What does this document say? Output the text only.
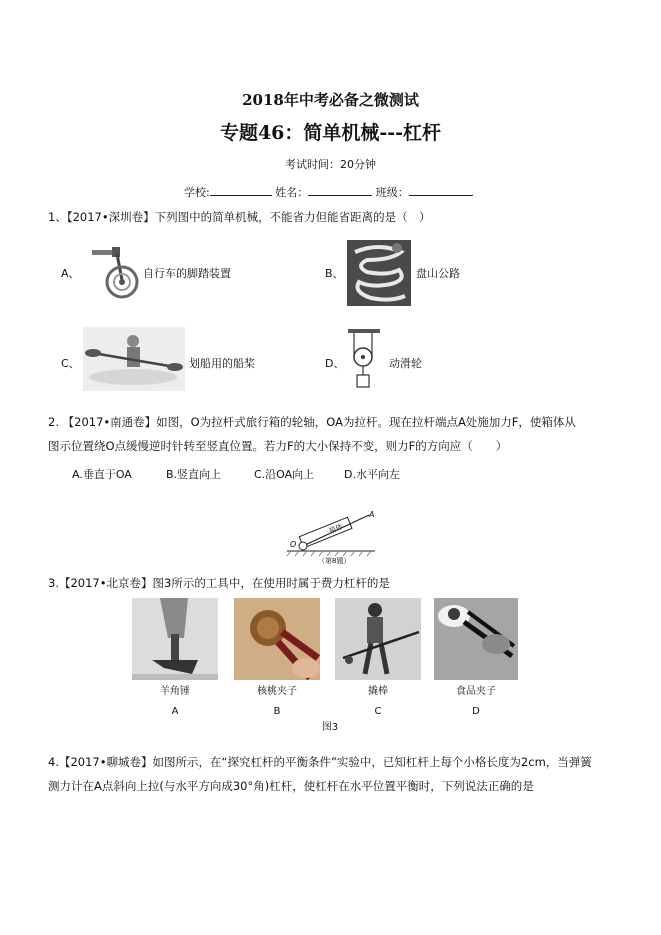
2018年中考必备之微测试
专题46：简单机械---杠杆
考试时间：20分钟
学校:	姓名：	班级：
1、【2017•深圳卷】下列图中的简单机械，不能省力但能省距离的是（　）
A、	自行车的脚踏装置	B、	盘山公路
C、	划船用的船桨	D、	动滑轮
2. 【2017•南通卷】如图，O为拉杆式旅行箱的轮轴，OA为拉杆。现在拉杆端点A处施加力F，使箱体从
图示位置绕O点缓慢逆时针转至竖直位置。若力F的大小保持不变，则力F的方向应（　　）
A.垂直于OA	B.竖直向上	C.沿OA向上	D.水平向左
箱体
O
A
（第8题）
3.【2017•北京卷】图3所示的工具中，在使用时属于费力杠杆的是
羊角锤	核桃夹子	撬棒	食品夹子
A	B	C	D
图3
4.【2017•聊城卷】如图所示，在“探究杠杆的平衡条件”实验中，已知杠杆上每个小格长度为2cm，当弹簧
测力计在A点斜向上拉(与水平方向成30°角)杠杆，使杠杆在水平位置平衡时，下列说法正确的是
